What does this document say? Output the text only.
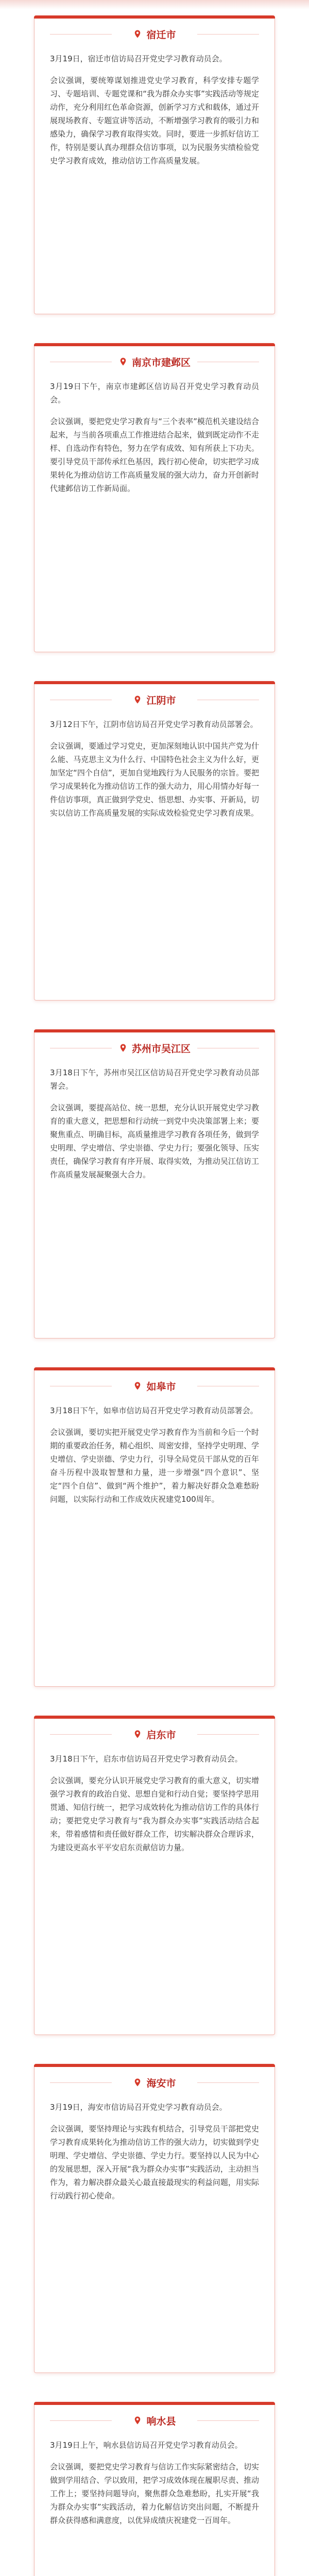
宿迁市

3月19日，宿迁市信访局召开党史学习教育动员会。

会议强调，要统筹谋划推进党史学习教育，科学安排专题学习、专题培训、专题党课和“我为群众办实事”实践活动等规定动作，充分利用红色革命资源，创新学习方式和载体，通过开展现场教育、专题宣讲等活动，不断增强学习教育的吸引力和感染力，确保学习教育取得实效。同时，要进一步抓好信访工作，特别是要认真办理群众信访事项，以为民服务实绩检验党史学习教育成效，推动信访工作高质量发展。

南京市建邺区

3月19日下午，南京市建邺区信访局召开党史学习教育动员会。

会议强调，要把党史学习教育与“三个表率”模范机关建设结合起来，与当前各项重点工作推进结合起来，做到既定动作不走样、自选动作有特色，努力在学有成效、知有所获上下功夫。要引导党员干部传承红色基因，践行初心使命，切实把学习成果转化为推动信访工作高质量发展的强大动力，奋力开创新时代建邺信访工作新局面。

江阴市

3月12日下午，江阴市信访局召开党史学习教育动员部署会。

会议强调，要通过学习党史，更加深刻地认识中国共产党为什么能、马克思主义为什么行、中国特色社会主义为什么好，更加坚定“四个自信”，更加自觉地践行为人民服务的宗旨。要把学习成果转化为推动信访工作的强大动力，用心用情办好每一件信访事项，真正做到学党史、悟思想、办实事、开新局，切实以信访工作高质量发展的实际成效检验党史学习教育成果。

苏州市吴江区

3月18日下午，苏州市吴江区信访局召开党史学习教育动员部署会。

会议强调，要提高站位、统一思想，充分认识开展党史学习教育的重大意义，把思想和行动统一到党中央决策部署上来；要聚焦重点、明确目标，高质量推进学习教育各项任务，做到学史明理、学史增信、学史崇德、学史力行；要强化领导、压实责任，确保学习教育有序开展、取得实效，为推动吴江信访工作高质量发展凝聚强大合力。

如皋市

3月18日下午，如皋市信访局召开党史学习教育动员部署会。

会议强调，要切实把开展党史学习教育作为当前和今后一个时期的重要政治任务，精心组织、周密安排，坚持学史明理、学史增信、学史崇德、学史力行，引导全局党员干部从党的百年奋斗历程中汲取智慧和力量，进一步增强“四个意识”、坚定“四个自信”、做到“两个维护”，着力解决好群众急难愁盼问题，以实际行动和工作成效庆祝建党100周年。

启东市

3月18日下午，启东市信访局召开党史学习教育动员会。

会议强调，要充分认识开展党史学习教育的重大意义，切实增强学习教育的政治自觉、思想自觉和行动自觉；要坚持学思用贯通、知信行统一，把学习成效转化为推动信访工作的具体行动；要把党史学习教育与“我为群众办实事”实践活动结合起来，带着感情和责任做好群众工作，切实解决群众合理诉求，为建设更高水平平安启东贡献信访力量。

海安市

3月19日，海安市信访局召开党史学习教育动员会。

会议强调，要坚持理论与实践有机结合，引导党员干部把党史学习教育成果转化为推动信访工作的强大动力，切实做到学史明理、学史增信、学史崇德、学史力行。要坚持以人民为中心的发展思想，深入开展“我为群众办实事”实践活动，主动担当作为，着力解决群众最关心最直接最现实的利益问题，用实际行动践行初心使命。

响水县

3月19日上午，响水县信访局召开党史学习教育动员会。

会议强调，要把党史学习教育与信访工作实际紧密结合，切实做到学用结合、学以致用，把学习成效体现在履职尽责、推动工作上；要坚持问题导向，聚焦群众急难愁盼，扎实开展“我为群众办实事”实践活动，着力化解信访突出问题，不断提升群众获得感和满意度，以优异成绩庆祝建党一百周年。
